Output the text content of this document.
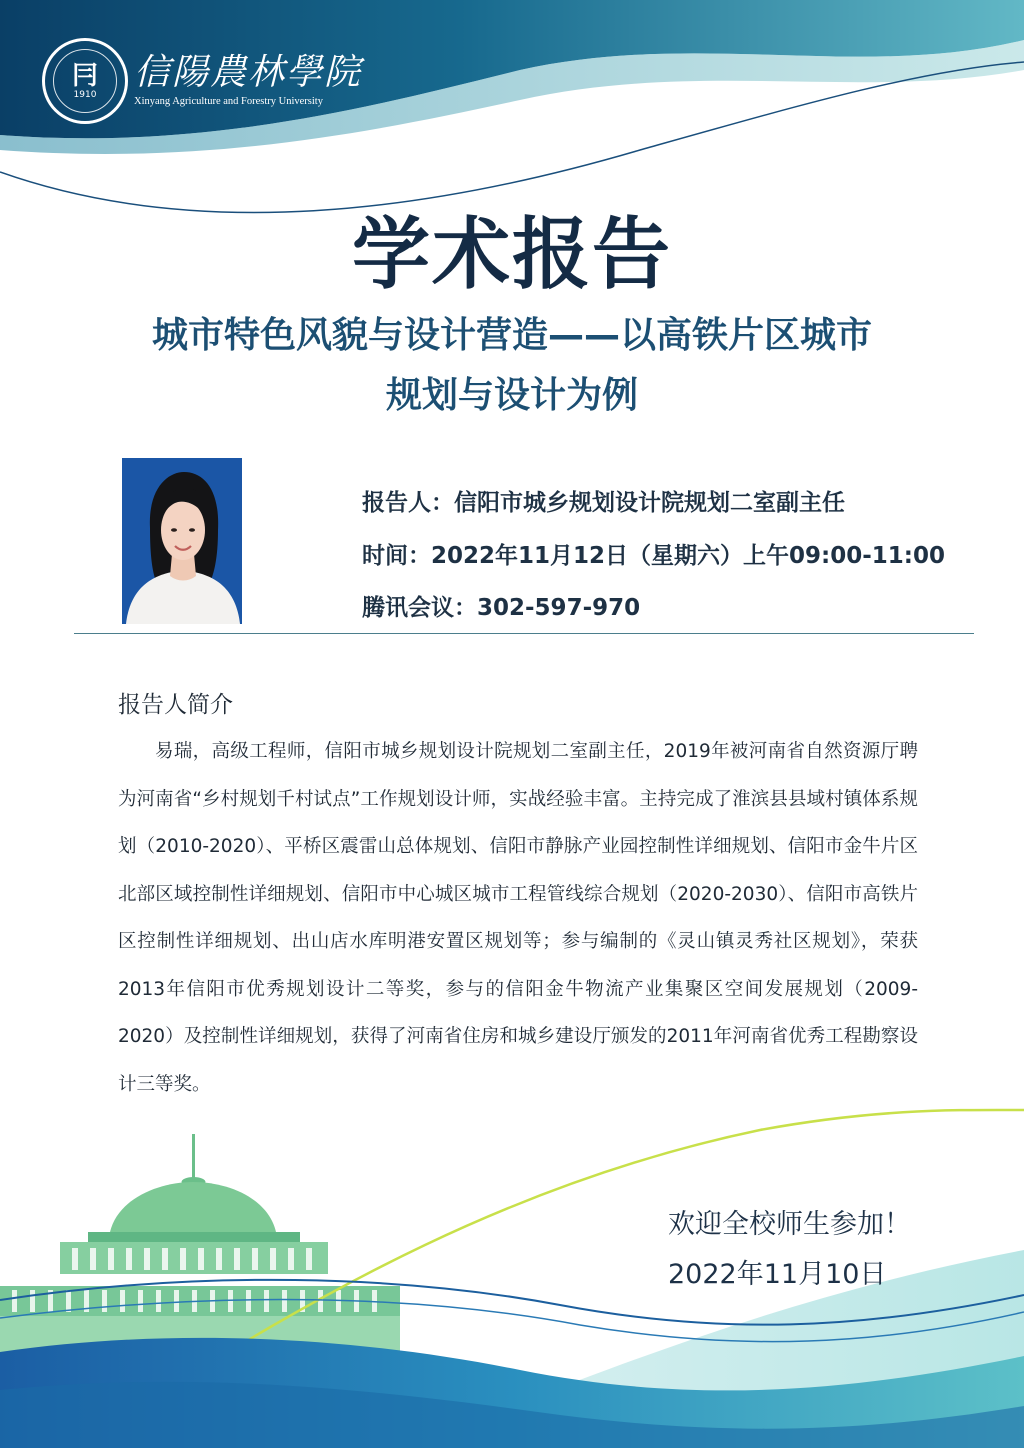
冃
1910
信陽農林學院
Xinyang Agriculture and Forestry University
学术报告
城市特色风貌与设计营造——以高铁片区城市
规划与设计为例
报告人：信阳市城乡规划设计院规划二室副主任
时间：2022年11月12日（星期六）上午09:00-11:00
腾讯会议：302-597-970
报告人简介
易瑞，高级工程师，信阳市城乡规划设计院规划二室副主任，2019年被河南省自然资源厅聘为河南省“乡村规划千村试点”工作规划设计师，实战经验丰富。主持完成了淮滨县县域村镇体系规划（2010-2020）、平桥区震雷山总体规划、信阳市静脉产业园控制性详细规划、信阳市金牛片区北部区域控制性详细规划、信阳市中心城区城市工程管线综合规划（2020-2030）、信阳市高铁片区控制性详细规划、出山店水库明港安置区规划等；参与编制的《灵山镇灵秀社区规划》，荣获2013年信阳市优秀规划设计二等奖，参与的信阳金牛物流产业集聚区空间发展规划（2009-2020）及控制性详细规划，获得了河南省住房和城乡建设厅颁发的2011年河南省优秀工程勘察设计三等奖。
欢迎全校师生参加！
2022年11月10日
